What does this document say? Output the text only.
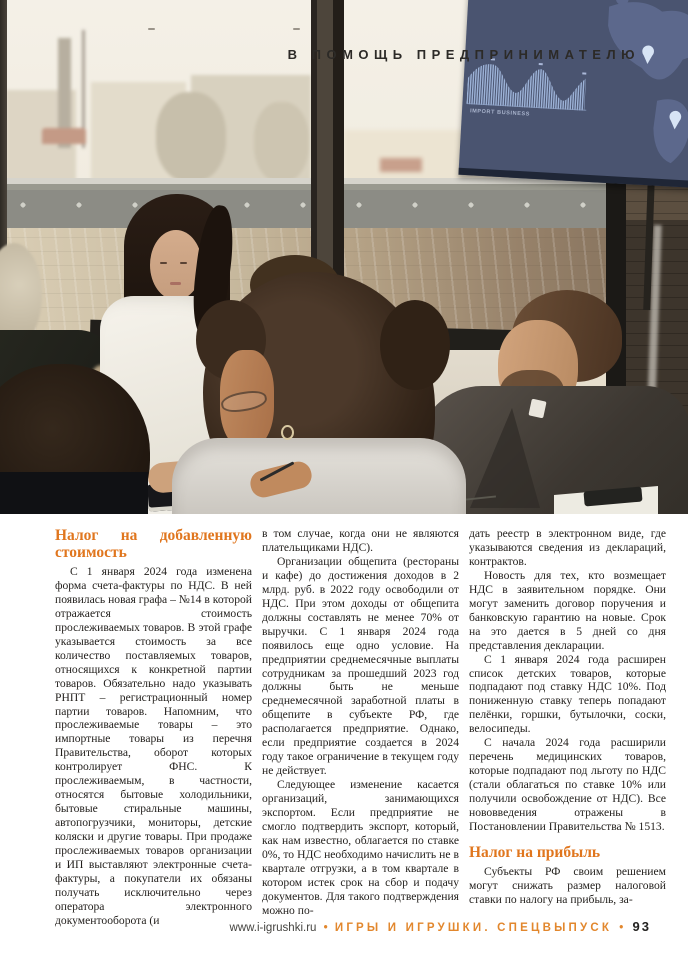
IMPORT BUSINESS
В ПОМОЩЬ ПРЕДПРИНИМАТЕЛЮ
Налог на добавленную стоимость

С 1 января 2024 года изменена форма счета-фактуры по НДС. В ней появилась новая графа – №14 в которой отражается стоимость прослеживаемых товаров. В этой графе указывается стоимость за все количество поставляемых товаров, относящихся к конкретной партии товаров. Обязательно надо указывать РНПТ – регистрационный номер партии товаров. Напомним, что прослеживаемые товары – это импортные товары из перечня Правительства, оборот которых контролирует ФНС. К прослеживаемым, в частности, относятся бытовые холодильники, бытовые стиральные машины, автопогрузчики, мониторы, детские коляски и другие товары. При продаже прослеживаемых товаров организации и ИП выставляют электронные счета-фактуры, а покупатели их обязаны получать исключительно через оператора электронного документооборота (и

в том случае, когда они не являются плательщиками НДС).

Организации общепита (рестораны и кафе) до достижения доходов в 2 млрд. руб. в 2022 году освободили от НДС. При этом доходы от общепита должны составлять не менее 70% от выручки. С 1 января 2024 года появилось еще одно условие. На предприятии среднемесячные выплаты сотрудникам за прошедший 2023 год должны быть не меньше среднемесячной заработной платы в общепите в субъекте РФ, где располагается предприятие. Однако, если предприятие создается в 2024 году такое ограничение в текущем году не действует.

Следующее изменение касается организаций, занимающихся экспортом. Если предприятие не смогло подтвердить экспорт, который, как нам известно, облагается по ставке 0%, то НДС необходимо начислить не в квартале отгрузки, а в том квартале в котором истек срок на сбор и подачу документов. Для такого подтверждения можно по-

дать реестр в электронном виде, где указываются сведения из деклараций, контрактов.

Новость для тех, кто возмещает НДС в заявительном порядке. Они могут заменить договор поручения и банковскую гарантию на новые. Срок на это дается в 5 дней со дня представления декларации.

С 1 января 2024 года расширен список детских товаров, которые подпадают под ставку НДС 10%. Под пониженную ставку теперь попадают пелёнки, горшки, бутылочки, соски, велосипеды.

С начала 2024 года расширили перечень медицинских товаров, которые подпадают под льготу по НДС (стали облагаться по ставке 10% или получили освобождение от НДС). Все нововведения отражены в Постановлении Правительства № 1513.

Налог на прибыль

Субъекты РФ своим решением могут снижать размер налоговой ставки по налогу на прибыль, за-

www.i-igrushki.ru • ИГРЫ И ИГРУШКИ. СПЕЦВЫПУСК • 93
